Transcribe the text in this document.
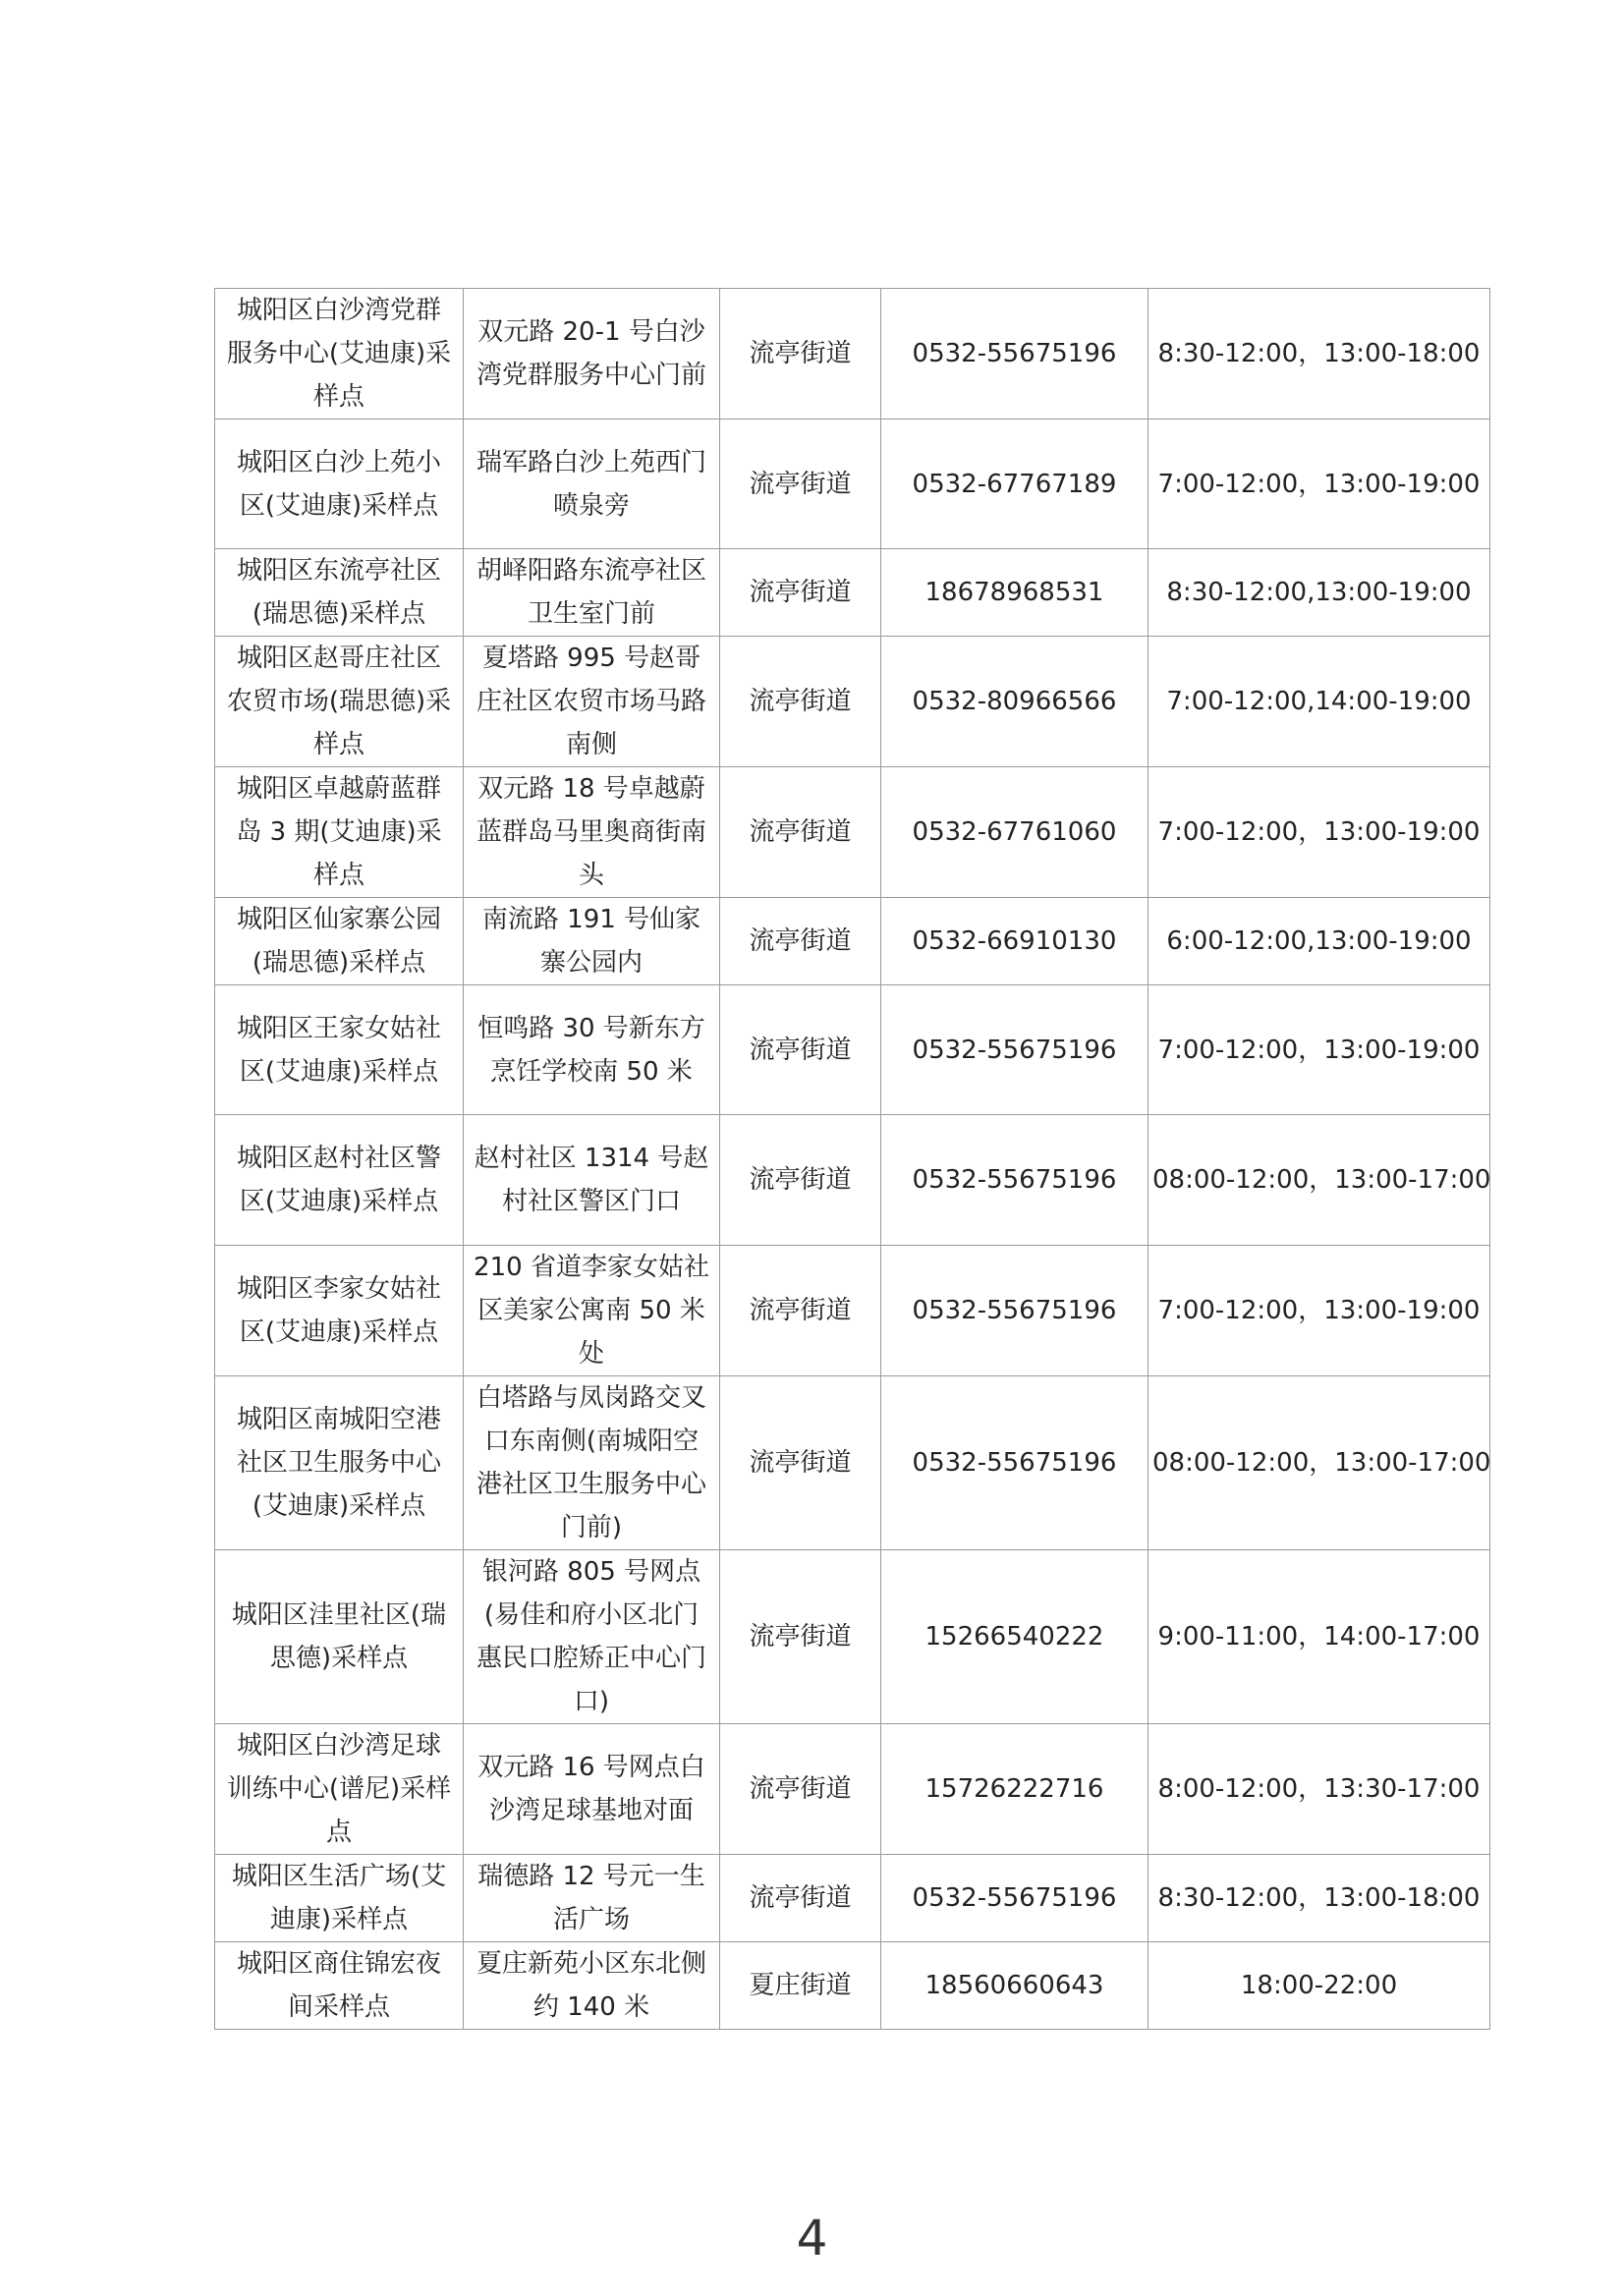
城阳区白沙湾党群服务中心(艾迪康)采样点	双元路 20-1 号白沙湾党群服务中心门前	流亭街道	0532-55675196	8:30-12:00，13:00-18:00
城阳区白沙上苑小区(艾迪康)采样点	瑞军路白沙上苑西门喷泉旁	流亭街道	0532-67767189	7:00-12:00，13:00-19:00
城阳区东流亭社区(瑞思德)采样点	胡峄阳路东流亭社区卫生室门前	流亭街道	18678968531	8:30-12:00,13:00-19:00
城阳区赵哥庄社区农贸市场(瑞思德)采样点	夏塔路 995 号赵哥庄社区农贸市场马路南侧	流亭街道	0532-80966566	7:00-12:00,14:00-19:00
城阳区卓越蔚蓝群岛 3 期(艾迪康)采样点	双元路 18 号卓越蔚蓝群岛马里奥商街南头	流亭街道	0532-67761060	7:00-12:00，13:00-19:00
城阳区仙家寨公园(瑞思德)采样点	南流路 191 号仙家寨公园内	流亭街道	0532-66910130	6:00-12:00,13:00-19:00
城阳区王家女姑社区(艾迪康)采样点	恒鸣路 30 号新东方烹饪学校南 50 米	流亭街道	0532-55675196	7:00-12:00，13:00-19:00
城阳区赵村社区警区(艾迪康)采样点	赵村社区 1314 号赵村社区警区门口	流亭街道	0532-55675196	08:00-12:00，13:00-17:00
城阳区李家女姑社区(艾迪康)采样点	210 省道李家女姑社区美家公寓南 50 米处	流亭街道	0532-55675196	7:00-12:00，13:00-19:00
城阳区南城阳空港社区卫生服务中心(艾迪康)采样点	白塔路与凤岗路交叉口东南侧(南城阳空港社区卫生服务中心门前)	流亭街道	0532-55675196	08:00-12:00，13:00-17:00
城阳区洼里社区(瑞思德)采样点	银河路 805 号网点(易佳和府小区北门惠民口腔矫正中心门口)	流亭街道	15266540222	9:00-11:00，14:00-17:00
城阳区白沙湾足球训练中心(谱尼)采样点	双元路 16 号网点白沙湾足球基地对面	流亭街道	15726222716	8:00-12:00，13:30-17:00
城阳区生活广场(艾迪康)采样点	瑞德路 12 号元一生活广场	流亭街道	0532-55675196	8:30-12:00，13:00-18:00
城阳区商住锦宏夜间采样点	夏庄新苑小区东北侧约 140 米	夏庄街道	18560660643	18:00-22:00
4
